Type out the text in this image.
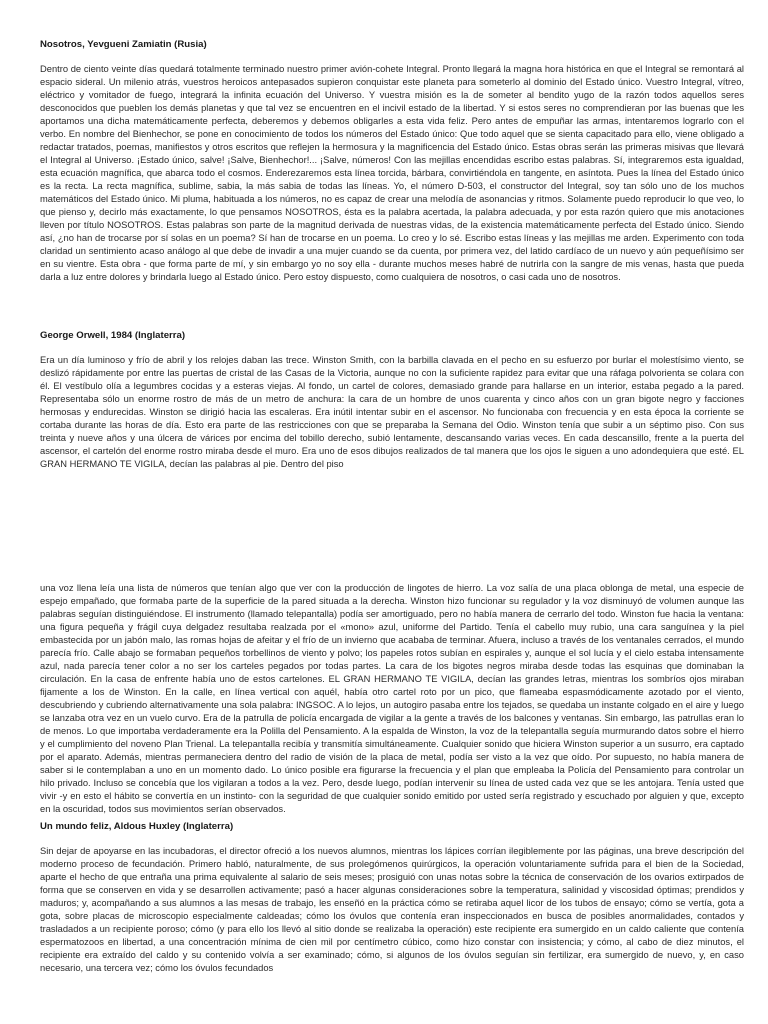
Nosotros, Yevgueni Zamiatin (Rusia)

Dentro de ciento veinte días quedará totalmente terminado nuestro primer avión-cohete Integral. Pronto llegará la magna hora histórica en que el Integral se remontará al espacio sideral. Un milenio atrás, vuestros heroicos antepasados supieron conquistar este planeta para someterlo al dominio del Estado único. Vuestro Integral, vítreo, eléctrico y vomitador de fuego, integrará la infinita ecuación del Universo. Y vuestra misión es la de someter al bendito yugo de la razón todos aquellos seres desconocidos que pueblen los demás planetas y que tal vez se encuentren en el incivil estado de la libertad. Y si estos seres no comprendieran por las buenas que les aportamos una dicha matemáticamente perfecta, deberemos y debemos obligarles a esta vida feliz. Pero antes de empuñar las armas, intentaremos lograrlo con el verbo. En nombre del Bienhechor, se pone en conocimiento de todos los números del Estado único: Que todo aquel que se sienta capacitado para ello, viene obligado a redactar tratados, poemas, manifiestos y otros escritos que reflejen la hermosura y la magnificencia del Estado único. Estas obras serán las primeras misivas que llevará el Integral al Universo. ¡Estado único, salve! ¡Salve, Bienhechor!... ¡Salve, números! Con las mejillas encendidas escribo estas palabras. Sí, integraremos esta igualdad, esta ecuación magnífica, que abarca todo el cosmos. Enderezaremos esta línea torcida, bárbara, convirtiéndola en tangente, en asíntota. Pues la línea del Estado único es la recta. La recta magnífica, sublime, sabia, la más sabia de todas las líneas. Yo, el número D-503, el constructor del Integral, soy tan sólo uno de los muchos matemáticos del Estado único. Mi pluma, habituada a los números, no es capaz de crear una melodía de asonancias y ritmos. Solamente puedo reproducir lo que veo, lo que pienso y, decirlo más exactamente, lo que pensamos NOSOTROS, ésta es la palabra acertada, la palabra adecuada, y por esta razón quiero que mis anotaciones lleven por título NOSOTROS. Estas palabras son parte de la magnitud derivada de nuestras vidas, de la existencia matemáticamente perfecta del Estado único. Siendo así, ¿no han de trocarse por sí solas en un poema? Sí han de trocarse en un poema. Lo creo y lo sé. Escribo estas líneas y las mejillas me arden. Experimento con toda claridad un sentimiento acaso análogo al que debe de invadir a una mujer cuando se da cuenta, por primera vez, del latido cardíaco de un nuevo y aún pequeñísimo ser en su vientre. Esta obra - que forma parte de mí, y sin embargo yo no soy ella - durante muchos meses habré de nutrirla con la sangre de mis venas, hasta que pueda darla a luz entre dolores y brindarla luego al Estado único. Pero estoy dispuesto, como cualquiera de nosotros, o casi cada uno de nosotros.

George Orwell, 1984 (Inglaterra)

Era un día luminoso y frío de abril y los relojes daban las trece. Winston Smith, con la barbilla clavada en el pecho en su esfuerzo por burlar el molestísimo viento, se deslizó rápidamente por entre las puertas de cristal de las Casas de la Victoria, aunque no con la suficiente rapidez para evitar que una ráfaga polvorienta se colara con él. El vestíbulo olía a legumbres cocidas y a esteras viejas. Al fondo, un cartel de colores, demasiado grande para hallarse en un interior, estaba pegado a la pared. Representaba sólo un enorme rostro de más de un metro de anchura: la cara de un hombre de unos cuarenta y cinco años con un gran bigote negro y facciones hermosas y endurecidas. Winston se dirigió hacia las escaleras. Era inútil intentar subir en el ascensor. No funcionaba con frecuencia y en esta época la corriente se cortaba durante las horas de día. Esto era parte de las restricciones con que se preparaba la Semana del Odio. Winston tenía que subir a un séptimo piso. Con sus treinta y nueve años y una úlcera de várices por encima del tobillo derecho, subió lentamente, descansando varias veces. En cada descansillo, frente a la puerta del ascensor, el cartelón del enorme rostro miraba desde el muro. Era uno de esos dibujos realizados de tal manera que los ojos le siguen a uno adondequiera que esté. EL GRAN HERMANO TE VIGILA, decían las palabras al pie. Dentro del piso

una voz llena leía una lista de números que tenían algo que ver con la producción de lingotes de hierro. La voz salía de una placa oblonga de metal, una especie de espejo empañado, que formaba parte de la superficie de la pared situada a la derecha. Winston hizo funcionar su regulador y la voz disminuyó de volumen aunque las palabras seguían distinguiéndose. El instrumento (llamado telepantalla) podía ser amortiguado, pero no había manera de cerrarlo del todo. Winston fue hacia la ventana: una figura pequeña y frágil cuya delgadez resultaba realzada por el «mono» azul, uniforme del Partido. Tenía el cabello muy rubio, una cara sanguínea y la piel embastecida por un jabón malo, las romas hojas de afeitar y el frío de un invierno que acababa de terminar. Afuera, incluso a través de los ventanales cerrados, el mundo parecía frío. Calle abajo se formaban pequeños torbellinos de viento y polvo; los papeles rotos subían en espirales y, aunque el sol lucía y el cielo estaba intensamente azul, nada parecía tener color a no ser los carteles pegados por todas partes. La cara de los bigotes negros miraba desde todas las esquinas que dominaban la circulación. En la casa de enfrente había uno de estos cartelones. EL GRAN HERMANO TE VIGILA, decían las grandes letras, mientras los sombríos ojos miraban fijamente a los de Winston. En la calle, en línea vertical con aquél, había otro cartel roto por un pico, que flameaba espasmódicamente azotado por el viento, descubriendo y cubriendo alternativamente una sola palabra: INGSOC. A lo lejos, un autogiro pasaba entre los tejados, se quedaba un instante colgado en el aire y luego se lanzaba otra vez en un vuelo curvo. Era de la patrulla de policía encargada de vigilar a la gente a través de los balcones y ventanas. Sin embargo, las patrullas eran lo de menos. Lo que importaba verdaderamente era la Polilla del Pensamiento. A la espalda de Winston, la voz de la telepantalla seguía murmurando datos sobre el hierro y el cumplimiento del noveno Plan Trienal. La telepantalla recibía y transmitía simultáneamente. Cualquier sonido que hiciera Winston superior a un susurro, era captado por el aparato. Además, mientras permaneciera dentro del radio de visión de la placa de metal, podía ser visto a la vez que oído. Por supuesto, no había manera de saber si le contemplaban a uno en un momento dado. Lo único posible era figurarse la frecuencia y el plan que empleaba la Policía del Pensamiento para controlar un hilo privado. Incluso se concebía que los vigilaran a todos a la vez. Pero, desde luego, podían intervenir su línea de usted cada vez que se les antojara. Tenía usted que vivir -y en esto el hábito se convertía en un instinto- con la seguridad de que cualquier sonido emitido por usted sería registrado y escuchado por alguien y que, excepto en la oscuridad, todos sus movimientos serían observados.

Un mundo feliz, Aldous Huxley (Inglaterra)

Sin dejar de apoyarse en las incubadoras, el director ofreció a los nuevos alumnos, mientras los lápices corrían ilegiblemente por las páginas, una breve descripción del moderno proceso de fecundación. Primero habló, naturalmente, de sus prolegómenos quirúrgicos, la operación voluntariamente sufrida para el bien de la Sociedad, aparte el hecho de que entraña una prima equivalente al salario de seis meses; prosiguió con unas notas sobre la técnica de conservación de los ovarios extirpados de forma que se conserven en vida y se desarrollen activamente; pasó a hacer algunas consideraciones sobre la temperatura, salinidad y viscosidad óptimas; prendidos y maduros; y, acompañando a sus alumnos a las mesas de trabajo, les enseñó en la práctica cómo se retiraba aquel licor de los tubos de ensayo; cómo se vertía, gota a gota, sobre placas de microscopio especialmente caldeadas; cómo los óvulos que contenía eran inspeccionados en busca de posibles anormalidades, contados y trasladados a un recipiente poroso; cómo (y para ello los llevó al sitio donde se realizaba la operación) este recipiente era sumergido en un caldo caliente que contenía espermatozoos en libertad, a una concentración mínima de cien mil por centímetro cúbico, como hizo constar con insistencia; y cómo, al cabo de diez minutos, el recipiente era extraído del caldo y su contenido volvía a ser examinado; cómo, si algunos de los óvulos seguían sin fertilizar, era sumergido de nuevo, y, en caso necesario, una tercera vez; cómo los óvulos fecundados
